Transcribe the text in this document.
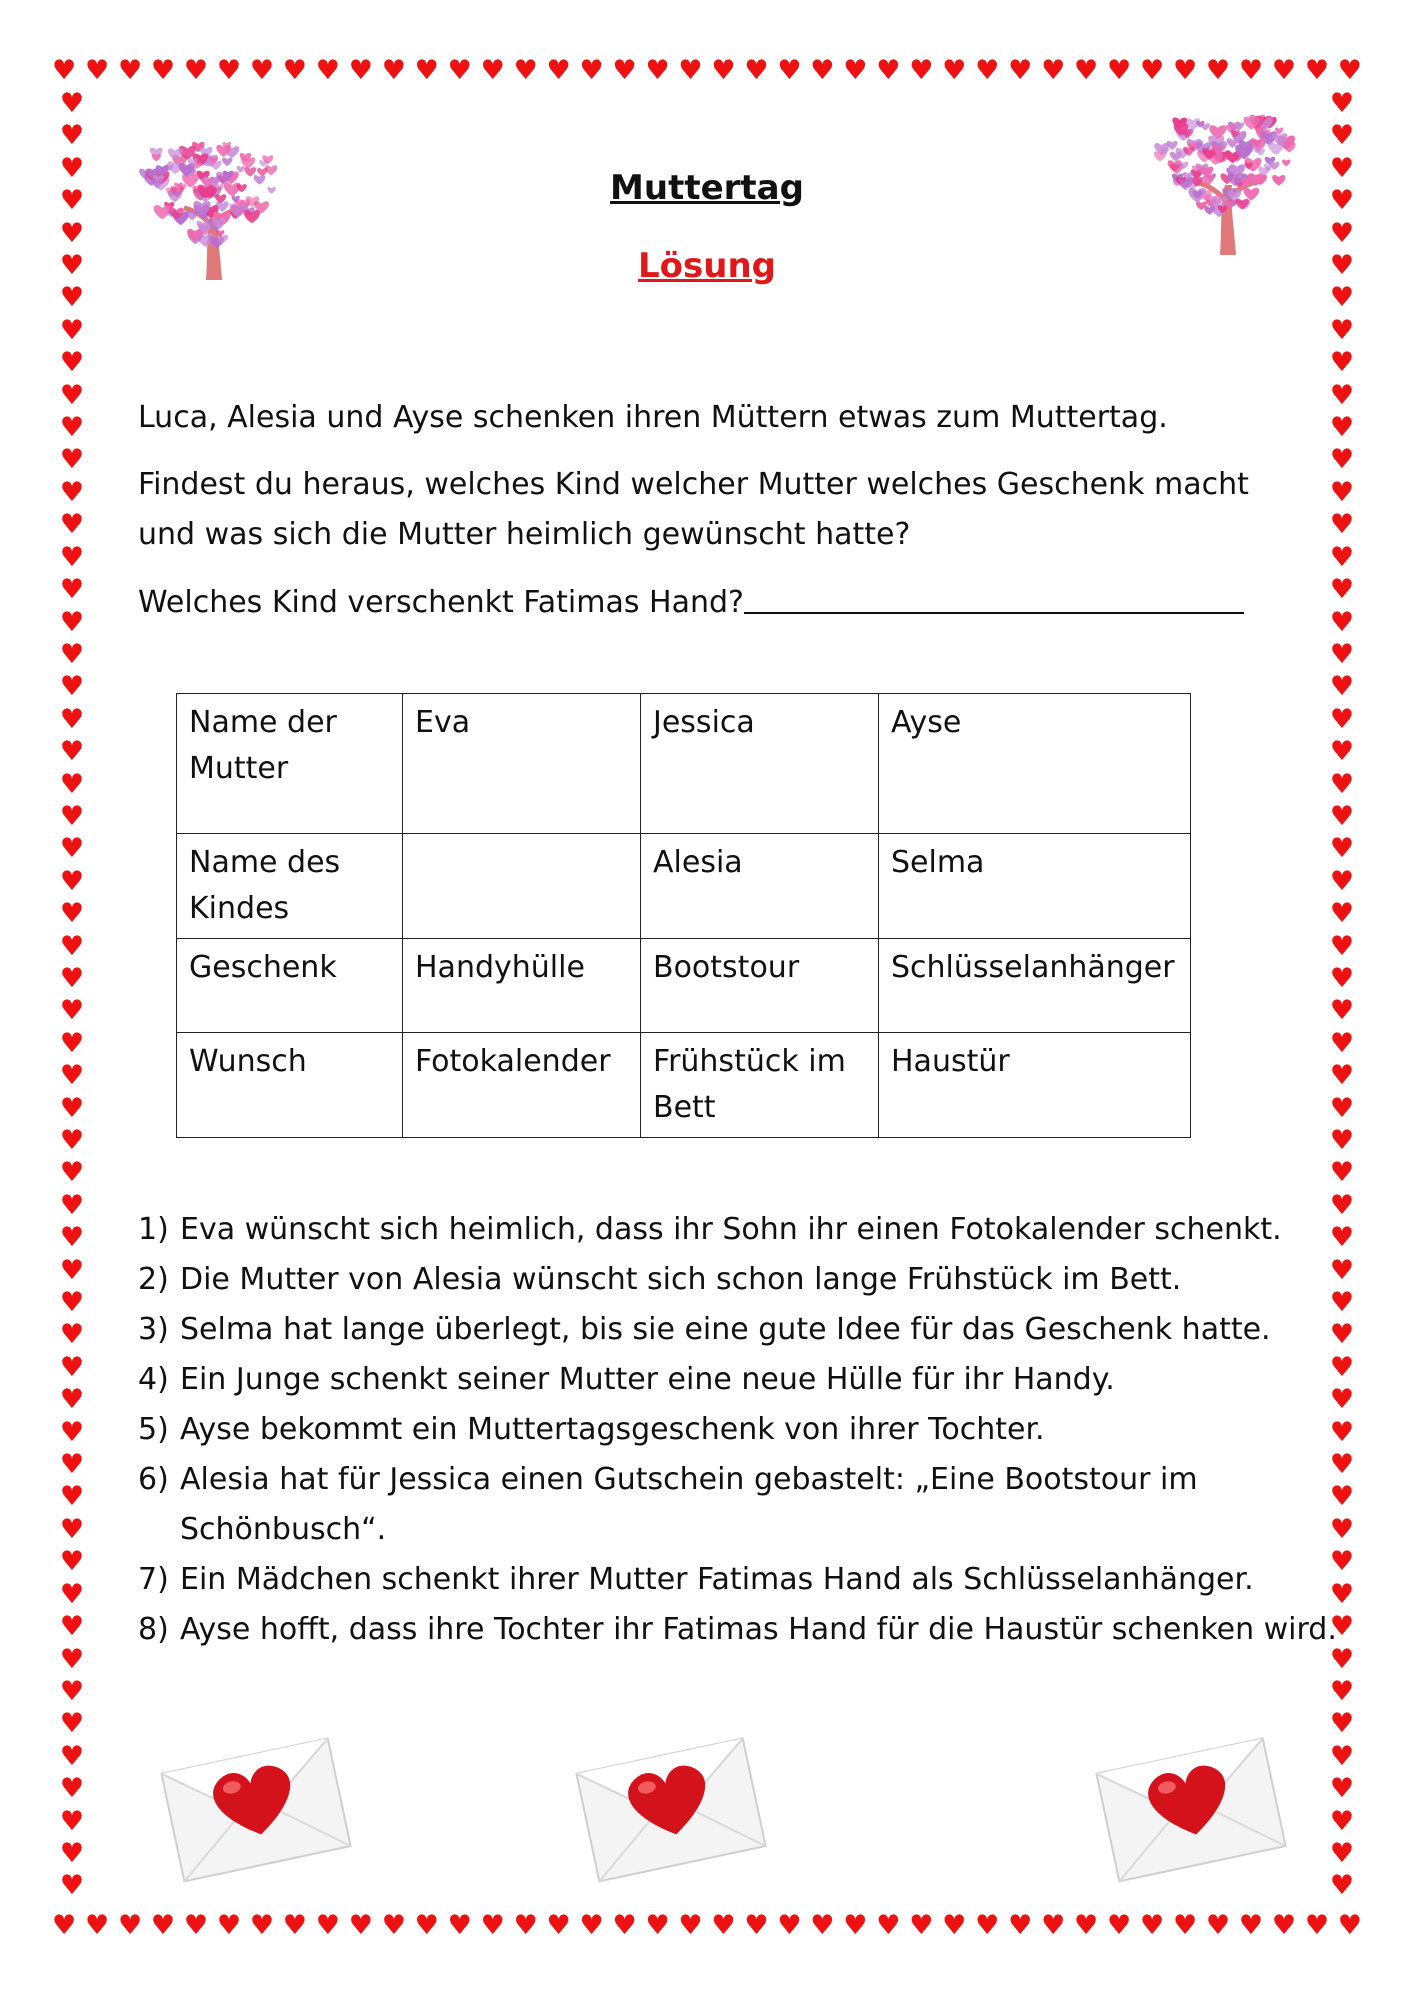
♥ ♥ ♥ ♥ ♥ ♥ ♥ ♥ ♥ ♥ ♥ ♥ ♥ ♥ ♥ ♥ ♥ ♥ ♥ ♥ ♥ ♥ ♥ ♥ ♥ ♥ ♥ ♥ ♥ ♥ ♥ ♥ ♥ ♥ ♥ ♥ ♥ ♥ ♥ ♥
♥ ♥ ♥ ♥ ♥ ♥ ♥ ♥ ♥ ♥ ♥ ♥ ♥ ♥ ♥ ♥ ♥ ♥ ♥ ♥ ♥ ♥ ♥ ♥ ♥ ♥ ♥ ♥ ♥ ♥ ♥ ♥ ♥ ♥ ♥ ♥ ♥ ♥ ♥ ♥
♥
♥
♥
♥
♥
♥
♥
♥
♥
♥
♥
♥
♥
♥
♥
♥
♥
♥
♥
♥
♥
♥
♥
♥
♥
♥
♥
♥
♥
♥
♥
♥
♥
♥
♥
♥
♥
♥
♥
♥
♥
♥
♥
♥
♥
♥
♥
♥
♥
♥
♥
♥
♥
♥
♥
♥
♥
♥
♥
♥
♥
♥
♥
♥
♥
♥
♥
♥
♥
♥
♥
♥
♥
♥
♥
♥
♥
♥
♥
♥
♥
♥
♥
♥
♥
♥
♥
♥
♥
♥
♥
♥
♥
♥
♥
♥
♥
♥
♥
♥
♥
♥
♥
♥
♥
♥
♥
♥
♥
♥
♥
♥
Muttertag
Lösung
Luca, Alesia und Ayse schenken ihren Müttern etwas zum Muttertag.
Findest du heraus, welches Kind welcher Mutter welches Geschenk macht und was sich die Mutter heimlich gewünscht hatte?
Welches Kind verschenkt Fatimas Hand?
Name der Mutter	Eva	Jessica	Ayse
Name des Kindes		Alesia	Selma
Geschenk	Handyhülle	Bootstour	Schlüsselanhänger
Wunsch	Fotokalender	Frühstück im Bett	Haustür
1) Eva wünscht sich heimlich, dass ihr Sohn ihr einen Fotokalender schenkt.
2) Die Mutter von Alesia wünscht sich schon lange Frühstück im Bett.
3) Selma hat lange überlegt, bis sie eine gute Idee für das Geschenk hatte.
4) Ein Junge schenkt seiner Mutter eine neue Hülle für ihr Handy.
5) Ayse bekommt ein Muttertagsgeschenk von ihrer Tochter.
6) Alesia hat für Jessica einen Gutschein gebastelt: „Eine Bootstour im Schönbusch“.
7) Ein Mädchen schenkt ihrer Mutter Fatimas Hand als Schlüsselanhänger.
8) Ayse hofft, dass ihre Tochter ihr Fatimas Hand für die Haustür schenken wird.
